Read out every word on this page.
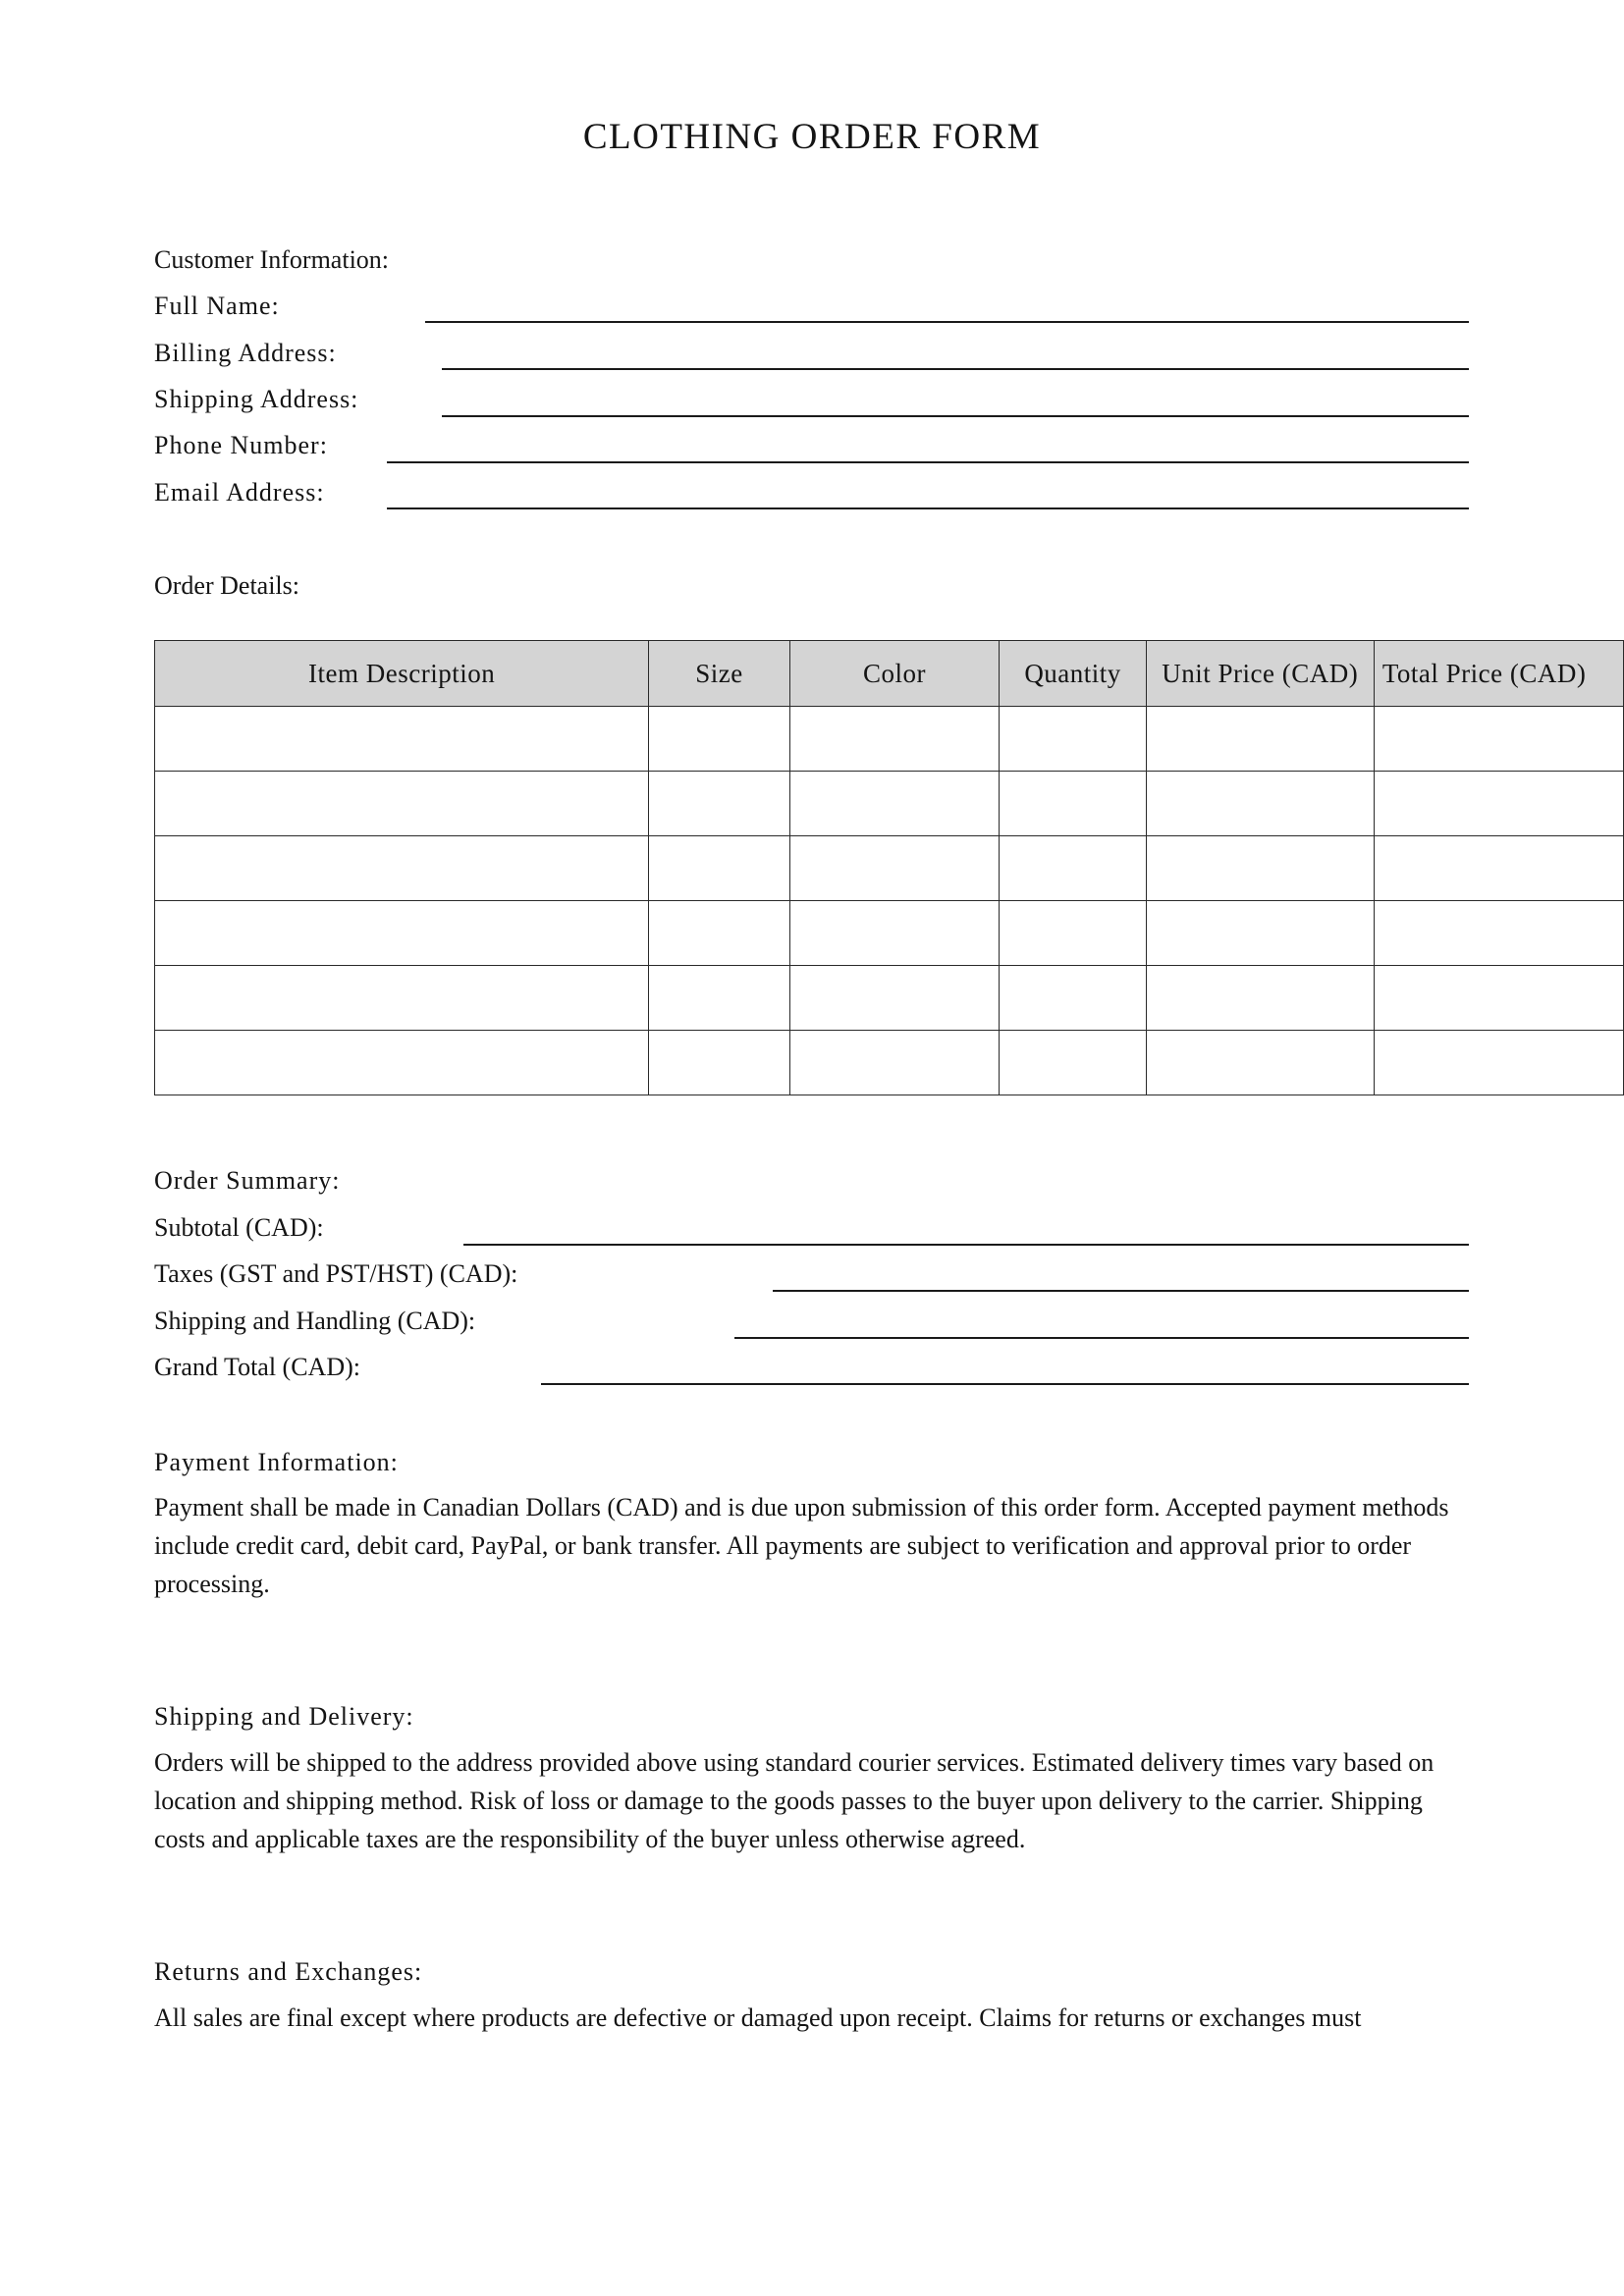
CLOTHING ORDER FORM
Customer Information:
Full Name:
Billing Address:
Shipping Address:
Phone Number:
Email Address:
Order Details:
Item Description	Size	Color	Quantity	Unit Price (CAD)	Total Price (CAD)

Order Summary:
Subtotal (CAD):
Taxes (GST and PST/HST) (CAD):
Shipping and Handling (CAD):
Grand Total (CAD):
Payment Information:
Payment shall be made in Canadian Dollars (CAD) and is due upon submission of this order form. Accepted payment methods include credit card, debit card, PayPal, or bank transfer. All payments are subject to verification and approval prior to order processing.
Shipping and Delivery:
Orders will be shipped to the address provided above using standard courier services. Estimated delivery times vary based on location and shipping method. Risk of loss or damage to the goods passes to the buyer upon delivery to the carrier. Shipping costs and applicable taxes are the responsibility of the buyer unless otherwise agreed.
Returns and Exchanges:
All sales are final except where products are defective or damaged upon receipt. Claims for returns or exchanges must
